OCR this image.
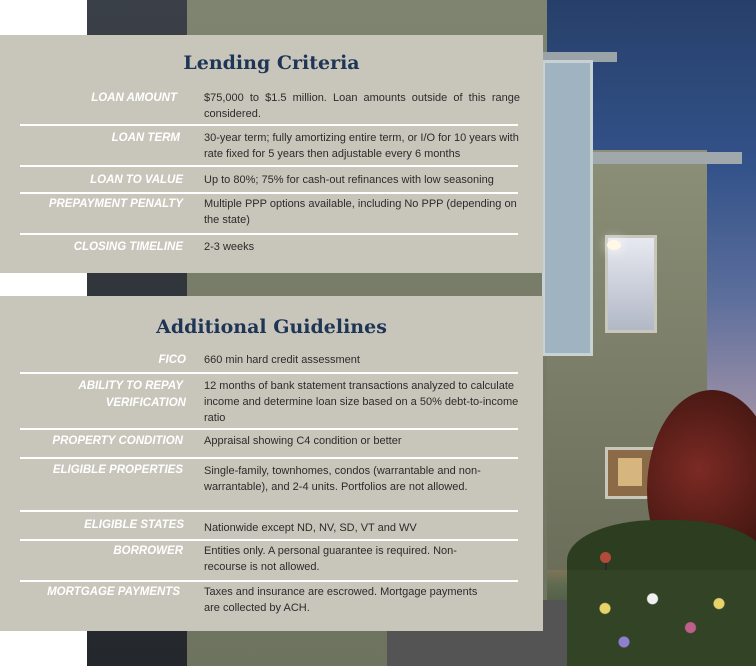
Lending Criteria
LOAN AMOUNT $75,000 to $1.5 million. Loan amounts outside of this range considered.
LOAN TERM 30-year term; fully amortizing entire term, or I/O for 10 years with rate fixed for 5 years then adjustable every 6 months
LOAN TO VALUE Up to 80%; 75% for cash-out refinances with low seasoning
PREPAYMENT PENALTY Multiple PPP options available, including No PPP (depending on the state)
CLOSING TIMELINE 2-3 weeks
Additional Guidelines
FICO 660 min hard credit assessment
ABILITY TO REPAY
VERIFICATION
12 months of bank statement transactions analyzed to calculate income and determine loan size based on a 50% debt-to-income ratio
PROPERTY CONDITION Appraisal showing C4 condition or better
ELIGIBLE PROPERTIES Single-family, townhomes, condos (warrantable and non-warrantable), and 2-4 units. Portfolios are not allowed.
ELIGIBLE STATES Nationwide except ND, NV, SD, VT and WV
BORROWER Entities only. A personal guarantee is required. Non-recourse is not allowed.
MORTGAGE PAYMENTS Taxes and insurance are escrowed. Mortgage payments are collected by ACH.
